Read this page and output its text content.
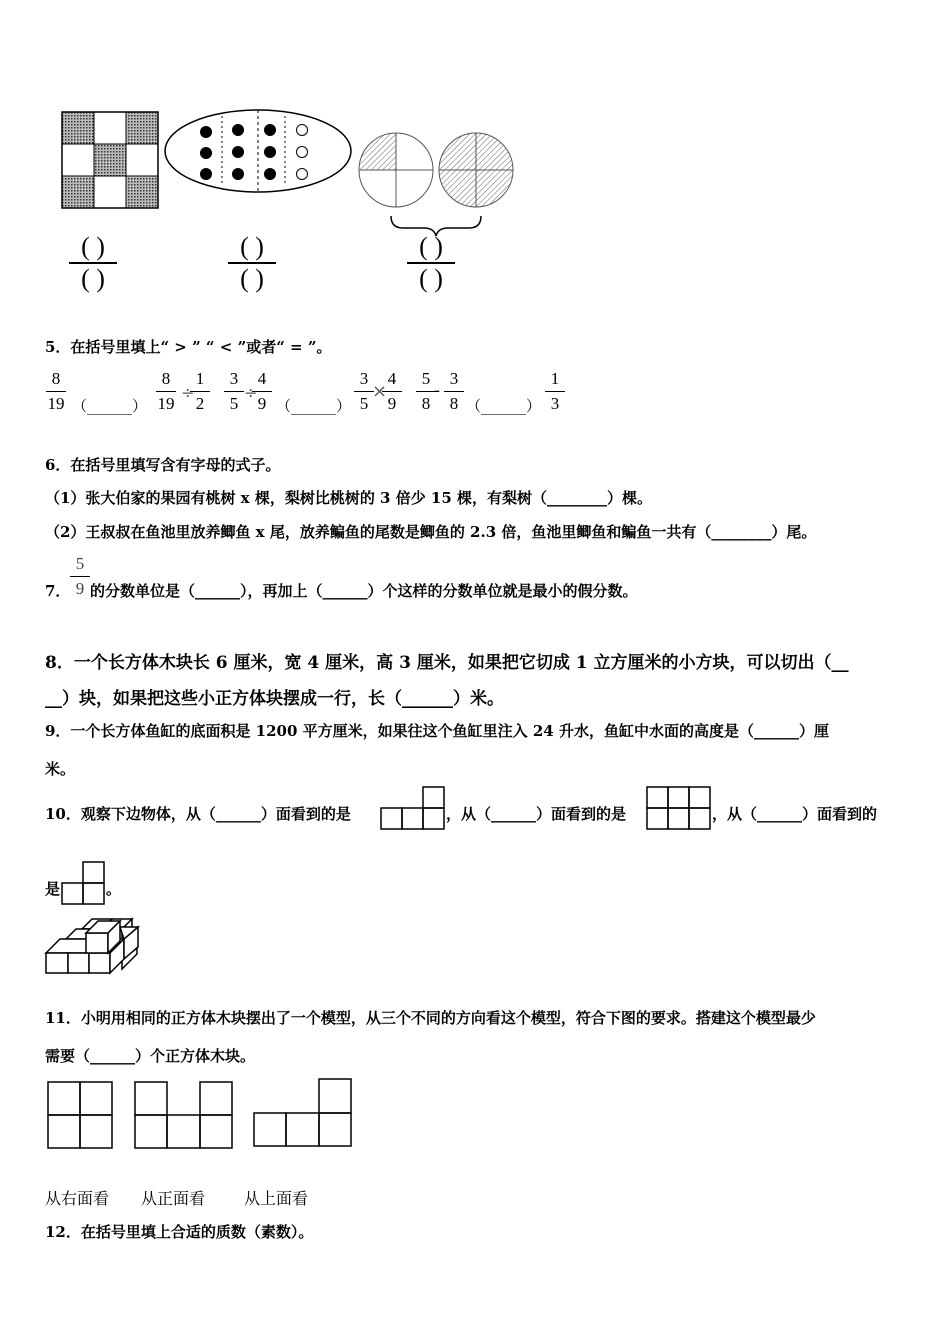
( )
( )
( )
( )
( )
( )
5．在括号里填上“ > ” “ < ”或者“ = ”。
8
19 （______）
8
19
÷
1
2
3
5
÷
4
9 （______）
3
5
×
4
9
5
8
-
3
8 （______）
1
3
6．在括号里填写含有字母的式子。
（1）张大伯家的果园有桃树 x 棵，梨树比桃树的 3 倍少 15 棵，有梨树（________）棵。
（2）王叔叔在鱼池里放养鲫鱼 x 尾，放养鳊鱼的尾数是鲫鱼的 2.3 倍，鱼池里鲫鱼和鳊鱼一共有（________）尾。
7．
5
9 的分数单位是（______），再加上（______）个这样的分数单位就是最小的假分数。
8．一个长方体木块长 6 厘米，宽 4 厘米，高 3 厘米，如果把它切成 1 立方厘米的小方块，可以切出（__
__）块，如果把这些小正方体块摆成一行，长（______）米。
9．一个长方体鱼缸的底面积是 1200 平方厘米，如果往这个鱼缸里注入 24 升水，鱼缸中水面的高度是（______）厘
米。
10．观察下边物体，从（______）面看到的是	，从（______）面看到的是	，从（______）面看到的
是	。
11．小明用相同的正方体木块摆出了一个模型，从三个不同的方向看这个模型，符合下图的要求。搭建这个模型最少
需要（______）个正方体木块。
从右面看 从正面看 从上面看
12．在括号里填上合适的质数（素数）。
